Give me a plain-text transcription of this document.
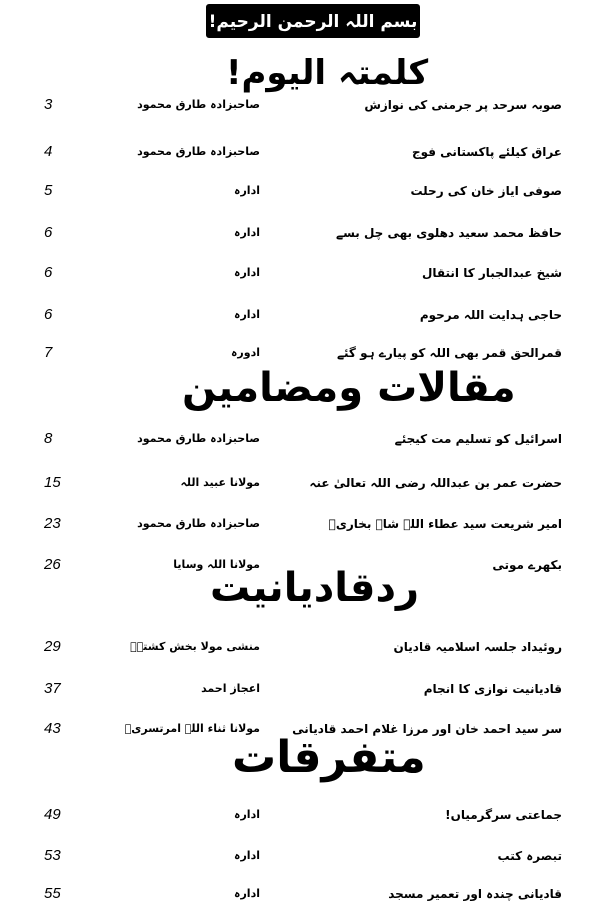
بسم اللہ الرحمن الرحیم!
کلمتہ الیوم!
3	صاحبزادہ طارق محمود	صوبہ سرحد پر جرمنی کی نوازش
4	صاحبزادہ طارق محمود	عراق کیلئے پاکستانی فوج
5	ادارہ	صوفی ایاز خان کی رحلت
6	ادارہ	حافظ محمد سعید دھلوی بھی چل بسے
6	ادارہ	شیخ عبدالجبار کا انتقال
6	ادارہ	حاجی ہدایت اللہ مرحوم
7	ادورہ	قمرالحق قمر بھی اللہ کو پیارے ہو گئے
مقالات ومضامین
8	صاحبزادہ طارق محمود	اسرائیل کو تسلیم مت کیجئے
15	مولانا عبید اللہ	حضرت عمر بن عبداللہ رضی اللہ تعالیٰ عنہ
23	صاحبزادہ طارق محمود	امیر شریعت سید عطاء اللہ شاہ بخاریؒ
26	مولانا اللہ وسایا	بکھرے موتی
ردقادیانیت
29	منشی مولا بخش کشتہؒ	روئیداد جلسہ اسلامیہ قادیان
37	اعجاز احمد	قادیانیت نوازی کا انجام
43	مولانا ثناء اللہ امرتسریؒ	سر سید احمد خان اور مرزا غلام احمد قادیانی
متفرقات
49	ادارہ	جماعتی سرگرمیاں!
53	ادارہ	تبصرہ کتب
55	ادارہ	قادیانی چندہ اور تعمیر مسجد
